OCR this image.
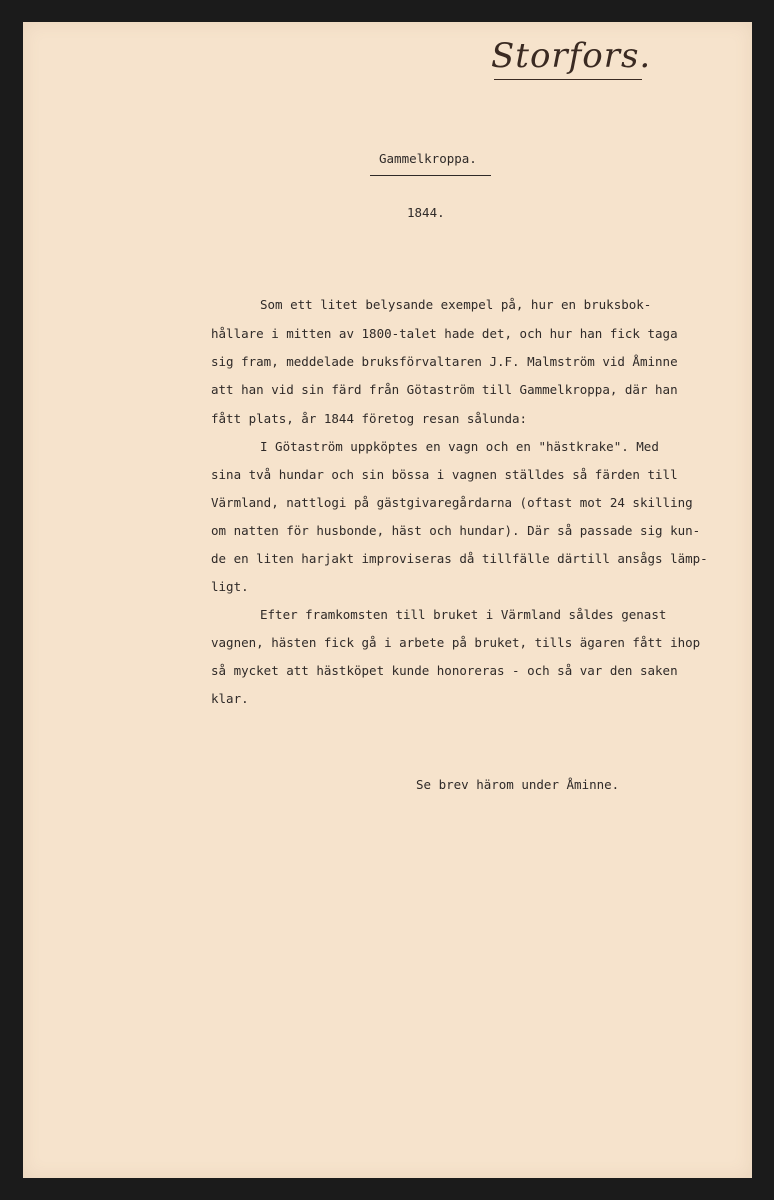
Storfors.
Gammelkroppa.
1844.
Som ett litet belysande exempel på, hur en bruksbok-
hållare i mitten av 1800-talet hade det, och hur han fick taga
sig fram, meddelade bruksförvaltaren J.F. Malmström vid Åminne
att han vid sin färd från Götaström till Gammelkroppa, där han
fått plats, år 1844 företog resan sålunda:
I Götaström uppköptes en vagn och en "hästkrake". Med
sina två hundar och sin bössa i vagnen ställdes så färden till
Värmland, nattlogi på gästgivaregårdarna (oftast mot 24 skilling
om natten för husbonde, häst och hundar). Där så passade sig kun-
de en liten harjakt improviseras då tillfälle därtill ansågs lämp-
ligt.
Efter framkomsten till bruket i Värmland såldes genast
vagnen, hästen fick gå i arbete på bruket, tills ägaren fått ihop
så mycket att hästköpet kunde honoreras - och så var den saken
klar.
Se brev härom under Åminne.
